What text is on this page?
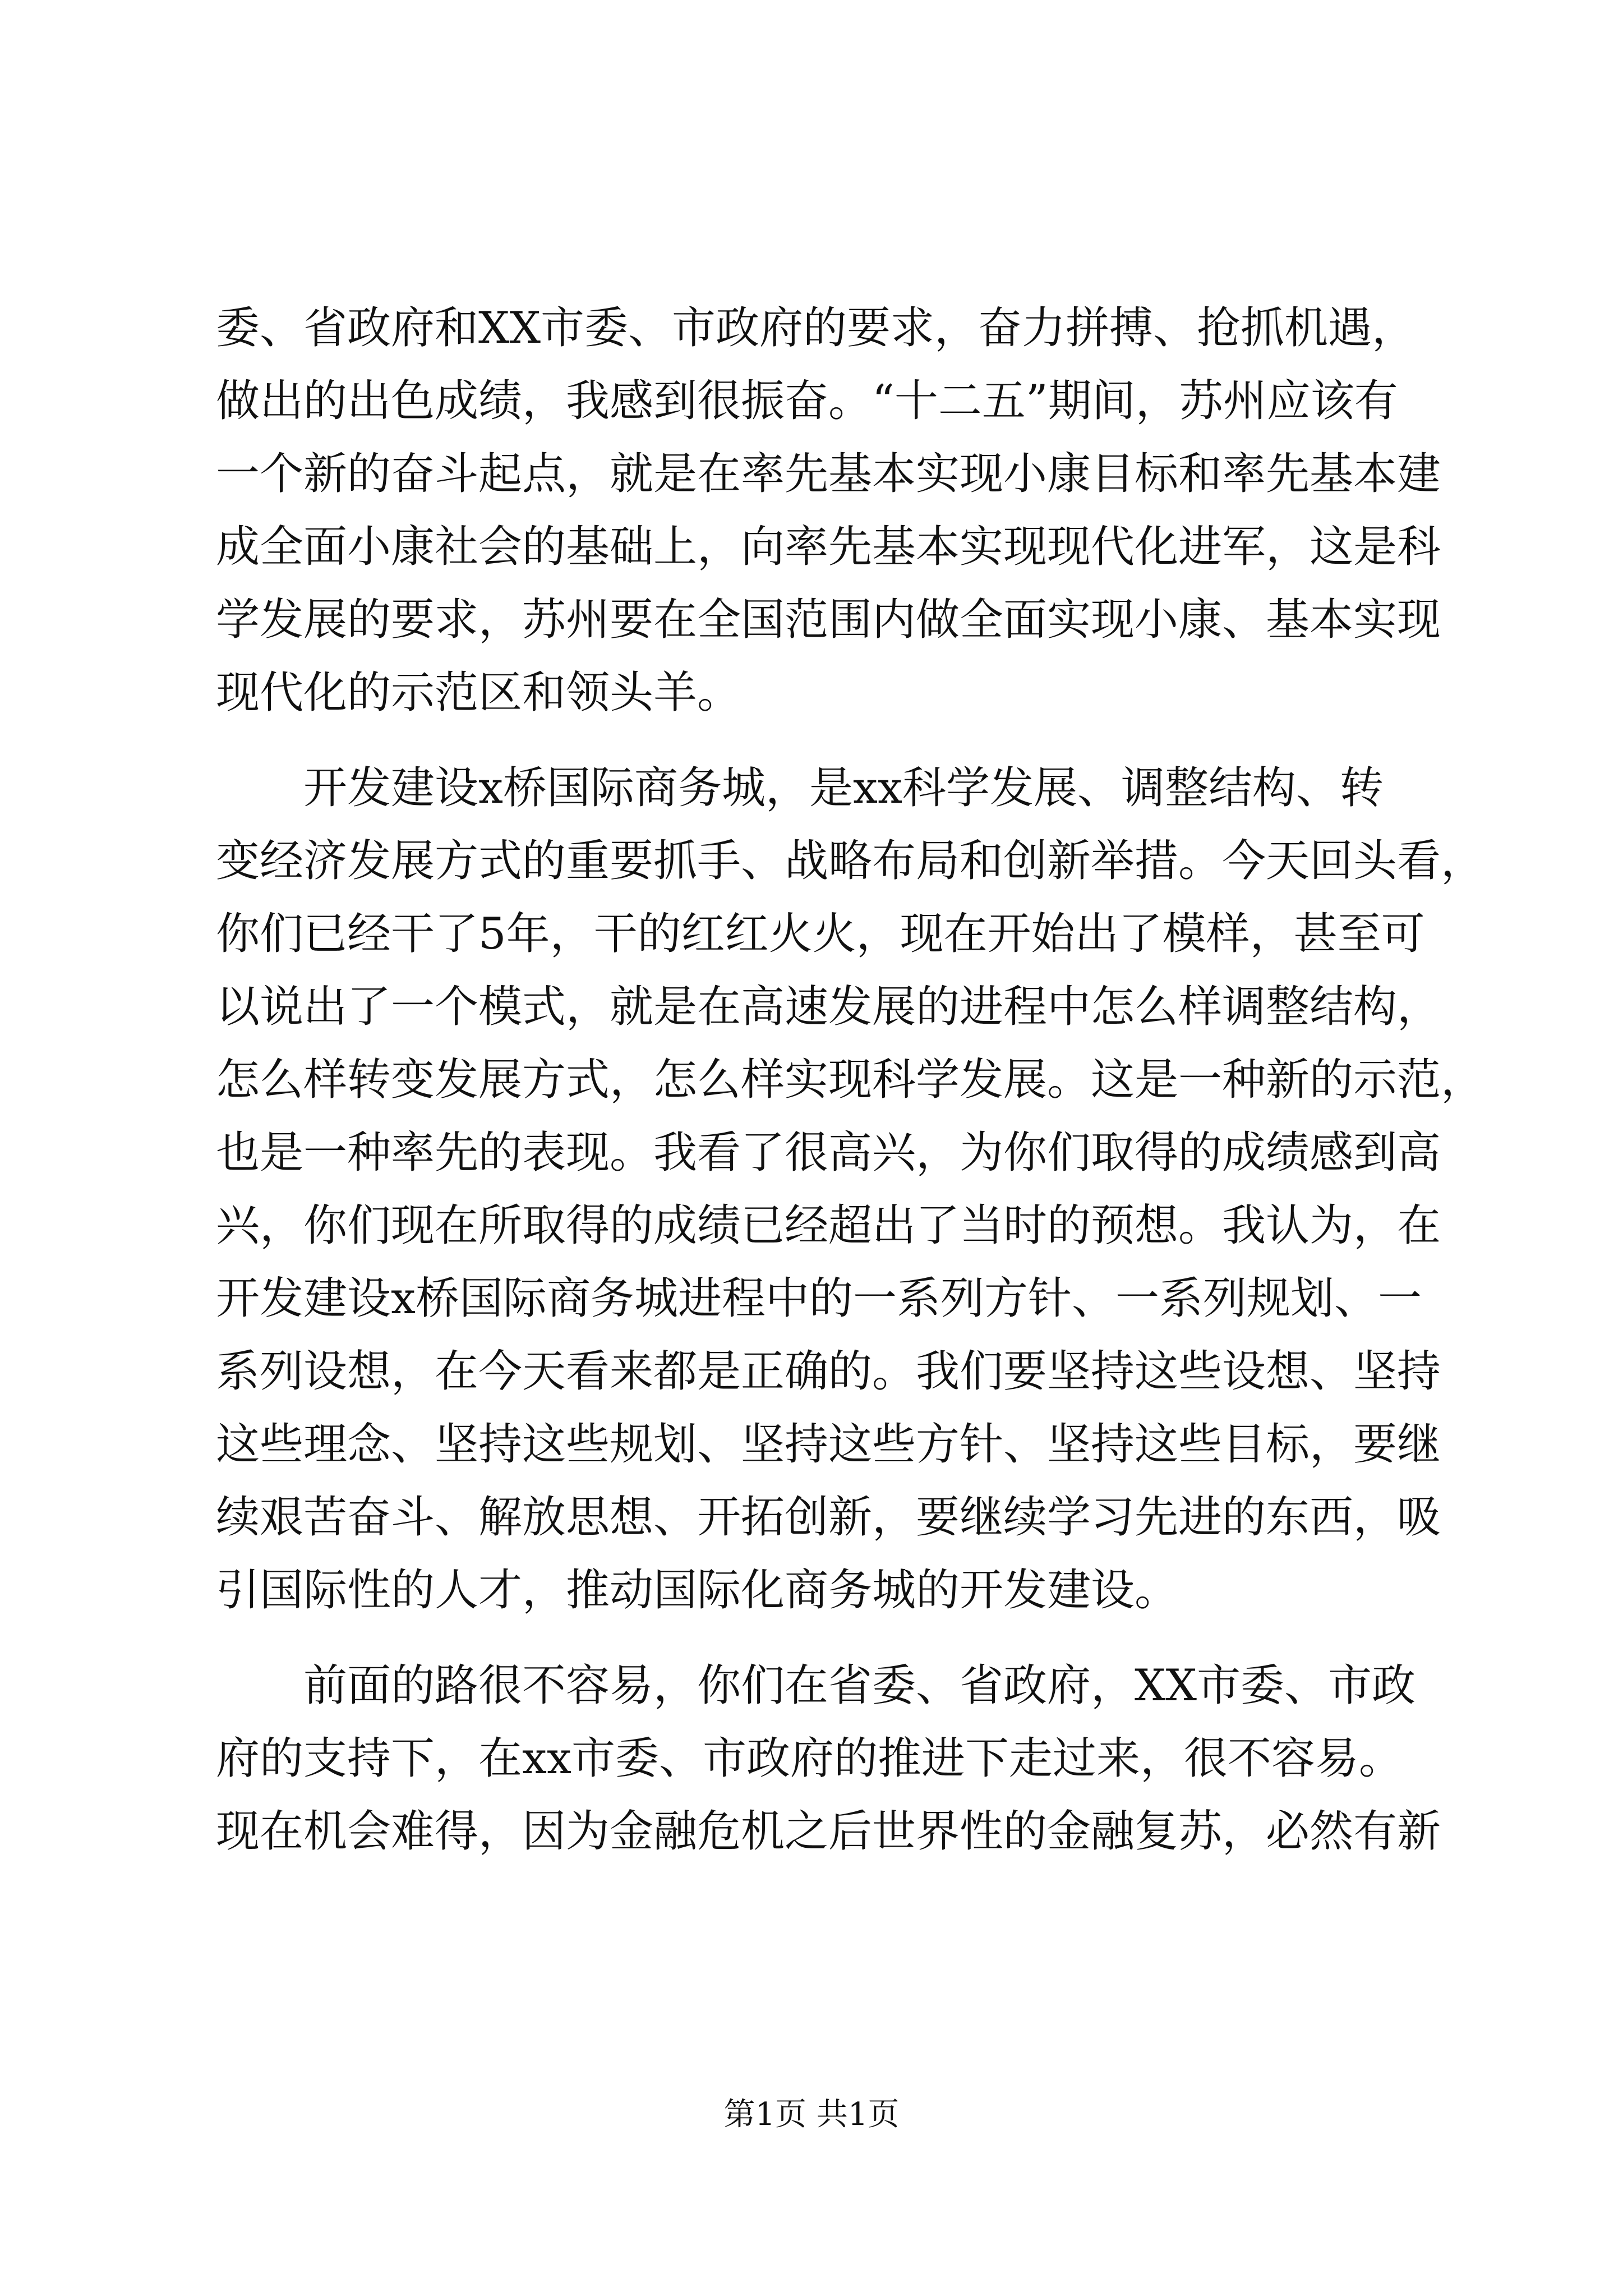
委、省政府和XX市委、市政府的要求，奋力拼搏、抢抓机遇，
做出的出色成绩，我感到很振奋。“十二五”期间，苏州应该有
一个新的奋斗起点，就是在率先基本实现小康目标和率先基本建
成全面小康社会的基础上，向率先基本实现现代化进军，这是科
学发展的要求，苏州要在全国范围内做全面实现小康、基本实现
现代化的示范区和领头羊。
　　开发建设x桥国际商务城，是xx科学发展、调整结构、转
变经济发展方式的重要抓手、战略布局和创新举措。今天回头看，
你们已经干了5年，干的红红火火，现在开始出了模样，甚至可
以说出了一个模式，就是在高速发展的进程中怎么样调整结构，
怎么样转变发展方式，怎么样实现科学发展。这是一种新的示范，
也是一种率先的表现。我看了很高兴，为你们取得的成绩感到高
兴，你们现在所取得的成绩已经超出了当时的预想。我认为，在
开发建设x桥国际商务城进程中的一系列方针、一系列规划、一
系列设想，在今天看来都是正确的。我们要坚持这些设想、坚持
这些理念、坚持这些规划、坚持这些方针、坚持这些目标，要继
续艰苦奋斗、解放思想、开拓创新，要继续学习先进的东西，吸
引国际性的人才，推动国际化商务城的开发建设。
　　前面的路很不容易，你们在省委、省政府，XX市委、市政
府的支持下，在xx市委、市政府的推进下走过来，很不容易。
现在机会难得，因为金融危机之后世界性的金融复苏，必然有新
第1页 共1页
